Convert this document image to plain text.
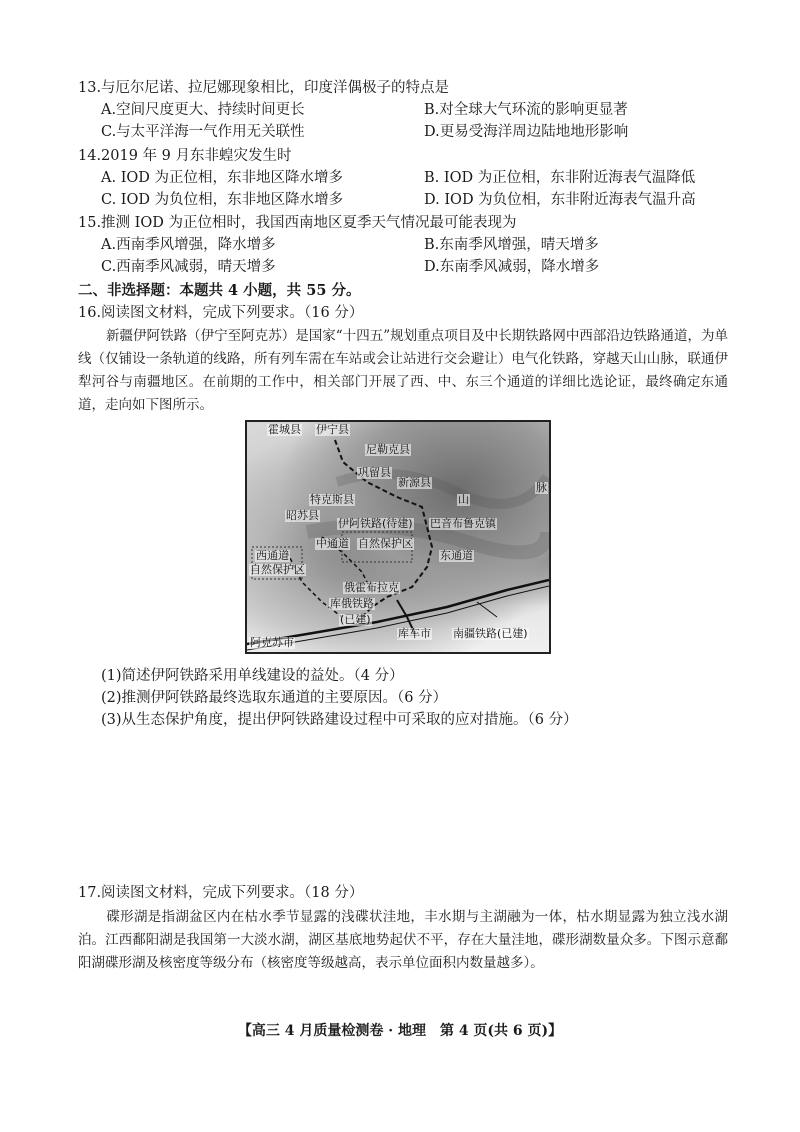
13.与厄尔尼诺、拉尼娜现象相比，印度洋偶极子的特点是
A.空间尺度更大、持续时间更长	B.对全球大气环流的影响更显著
C.与太平洋海一气作用无关联性	D.更易受海洋周边陆地地形影响
14.2019 年 9 月东非蝗灾发生时
A. IOD 为正位相，东非地区降水增多	B. IOD 为正位相，东非附近海表气温降低
C. IOD 为负位相，东非地区降水增多	D. IOD 为负位相，东非附近海表气温升高
15.推测 IOD 为正位相时，我国西南地区夏季天气情况最可能表现为
A.西南季风增强，降水增多	B.东南季风增强，晴天增多
C.西南季风减弱，晴天增多	D.东南季风减弱，降水增多
二、非选择题：本题共 4 小题，共 55 分。
16.阅读图文材料，完成下列要求。（16 分）
新疆伊阿铁路（伊宁至阿克苏）是国家“十四五”规划重点项目及中长期铁路网中西部沿边铁路通道，为单线（仅铺设一条轨道的线路，所有列车需在车站或会让站进行交会避让）电气化铁路，穿越天山山脉，联通伊犁河谷与南疆地区。在前期的工作中，相关部门开展了西、中、东三个通道的详细比选论证，最终确定东通道，走向如下图所示。
霍城县 伊宁县
尼勒克县
巩留县
新源县
特克斯县
昭苏县
山
脉
伊阿铁路(待建) 巴音布鲁克镇
中通道 自然保护区
东通道
西通道
自然保护区
俄霍布拉克
库俄铁路
(已建)
库车市 南疆铁路(已建)
阿克苏市
(1)简述伊阿铁路采用单线建设的益处。（4 分）
(2)推测伊阿铁路最终选取东通道的主要原因。（6 分）
(3)从生态保护角度，提出伊阿铁路建设过程中可采取的应对措施。（6 分）
17.阅读图文材料，完成下列要求。（18 分）
碟形湖是指湖盆区内在枯水季节显露的浅碟状洼地，丰水期与主湖融为一体，枯水期显露为独立浅水湖泊。江西鄱阳湖是我国第一大淡水湖，湖区基底地势起伏不平，存在大量洼地，碟形湖数量众多。下图示意鄱阳湖碟形湖及核密度等级分布（核密度等级越高，表示单位面积内数量越多）。
【高三 4 月质量检测卷 · 地理　第 4 页(共 6 页)】
